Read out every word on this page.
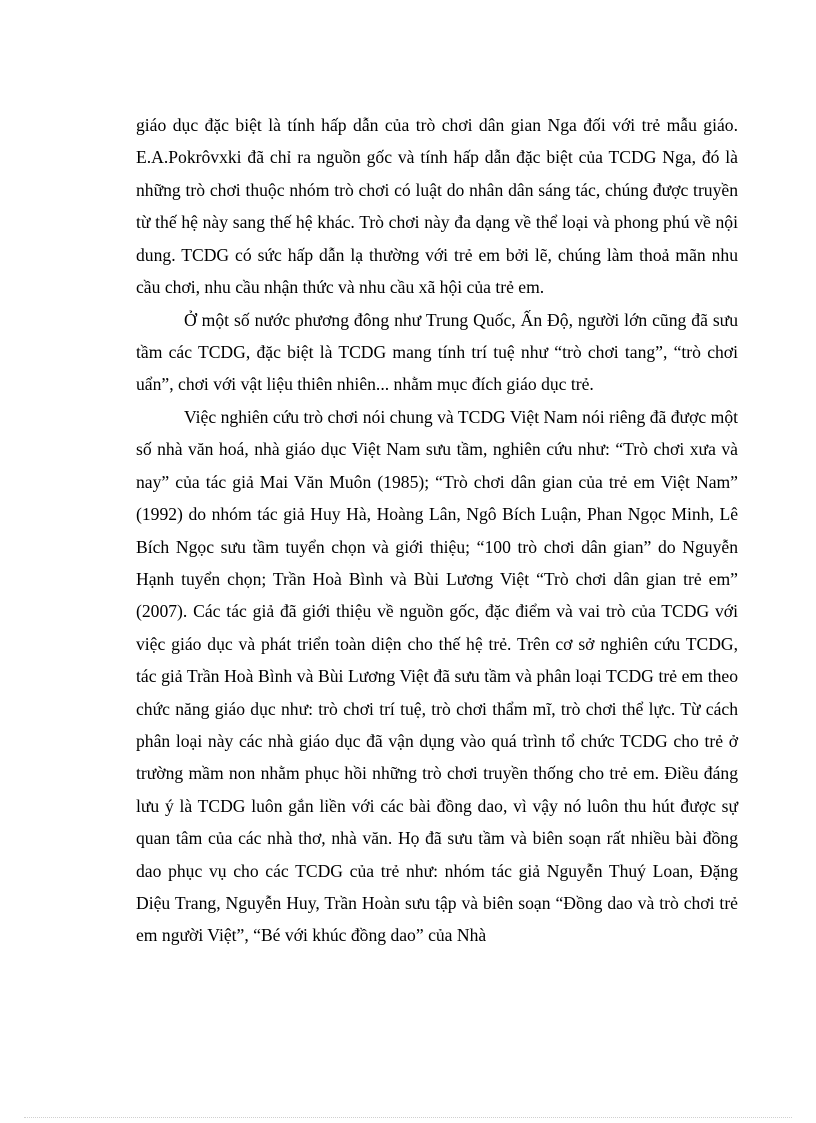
giáo dục đặc biệt là tính hấp dẫn của trò chơi dân gian Nga đối với trẻ mẫu giáo. E.A.Pokrôvxki đã chỉ ra nguồn gốc và tính hấp dẫn đặc biệt của TCDG Nga, đó là những trò chơi thuộc nhóm trò chơi có luật do nhân dân sáng tác, chúng được truyền từ thế hệ này sang thế hệ khác. Trò chơi này đa dạng về thể loại và phong phú về nội dung. TCDG có sức hấp dẫn lạ thường với trẻ em bởi lẽ, chúng làm thoả mãn nhu cầu chơi, nhu cầu nhận thức và nhu cầu xã hội của trẻ em.

Ở một số nước phương đông như Trung Quốc, Ấn Độ, người lớn cũng đã sưu tầm các TCDG, đặc biệt là TCDG mang tính trí tuệ như “trò chơi tang”, “trò chơi uẩn”, chơi với vật liệu thiên nhiên... nhằm mục đích giáo dục trẻ.

Việc nghiên cứu trò chơi nói chung và TCDG Việt Nam nói riêng đã được một số nhà văn hoá, nhà giáo dục Việt Nam sưu tầm, nghiên cứu như: “Trò chơi xưa và nay” của tác giả Mai Văn Muôn (1985); “Trò chơi dân gian của trẻ em Việt Nam” (1992) do nhóm tác giả Huy Hà, Hoàng Lân, Ngô Bích Luận, Phan Ngọc Minh, Lê Bích Ngọc sưu tầm tuyển chọn và giới thiệu; “100 trò chơi dân gian” do Nguyễn Hạnh tuyển chọn; Trần Hoà Bình và Bùi Lương Việt “Trò chơi dân gian trẻ em” (2007). Các tác giả đã giới thiệu về nguồn gốc, đặc điểm và vai trò của TCDG với việc giáo dục và phát triển toàn diện cho thế hệ trẻ. Trên cơ sở nghiên cứu TCDG, tác giả Trần Hoà Bình và Bùi Lương Việt đã sưu tầm và phân loại TCDG trẻ em theo chức năng giáo dục như: trò chơi trí tuệ, trò chơi thẩm mĩ, trò chơi thể lực. Từ cách phân loại này các nhà giáo dục đã vận dụng vào quá trình tổ chức TCDG cho trẻ ở trường mầm non nhằm phục hồi những trò chơi truyền thống cho trẻ em. Điều đáng lưu ý là TCDG luôn gắn liền với các bài đồng dao, vì vậy nó luôn thu hút được sự quan tâm của các nhà thơ, nhà văn. Họ đã sưu tầm và biên soạn rất nhiều bài đồng dao phục vụ cho các TCDG của trẻ như: nhóm tác giả Nguyễn Thuý Loan, Đặng Diệu Trang, Nguyễn Huy, Trần Hoàn sưu tập và biên soạn “Đồng dao và trò chơi trẻ em người Việt”, “Bé với khúc đồng dao” của Nhà
